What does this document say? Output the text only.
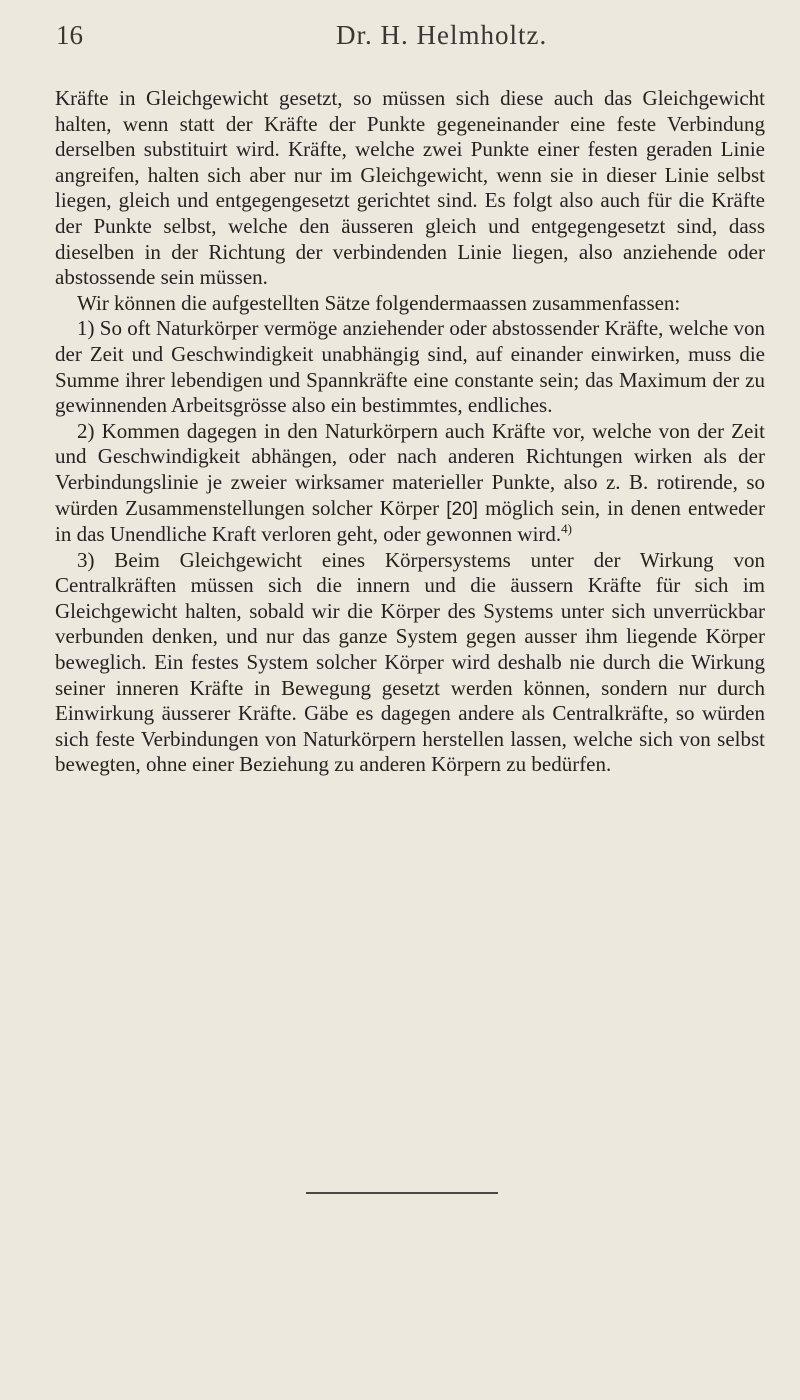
16	Dr. H. Helmholtz.

Kräfte in Gleichgewicht gesetzt, so müssen sich diese auch das Gleichgewicht halten, wenn statt der Kräfte der Punkte gegeneinander eine feste Verbindung derselben substituirt wird. Kräfte, welche zwei Punkte einer festen geraden Linie angreifen, halten sich aber nur im Gleichgewicht, wenn sie in dieser Linie selbst liegen, gleich und entgegengesetzt gerichtet sind. Es folgt also auch für die Kräfte der Punkte selbst, welche den äusseren gleich und entgegengesetzt sind, dass dieselben in der Richtung der verbindenden Linie liegen, also anziehende oder abstossende sein müssen.

Wir können die aufgestellten Sätze folgendermaassen zusammenfassen:

1) So oft Naturkörper vermöge anziehender oder abstossender Kräfte, welche von der Zeit und Geschwindigkeit unabhängig sind, auf einander einwirken, muss die Summe ihrer lebendigen und Spannkräfte eine constante sein; das Maximum der zu gewinnenden Arbeitsgrösse also ein bestimmtes, endliches.

2) Kommen dagegen in den Naturkörpern auch Kräfte vor, welche von der Zeit und Geschwindigkeit abhängen, oder nach anderen Richtungen wirken als der Verbindungslinie je zweier wirksamer materieller Punkte, also z. B. rotirende, so würden Zusammenstellungen solcher Körper [20] möglich sein, in denen entweder in das Unendliche Kraft verloren geht, oder gewonnen wird.$^{4)}$

3) Beim Gleichgewicht eines Körpersystems unter der Wirkung von Centralkräften müssen sich die innern und die äussern Kräfte für sich im Gleichgewicht halten, sobald wir die Körper des Systems unter sich unverrückbar verbunden denken, und nur das ganze System gegen ausser ihm liegende Körper beweglich. Ein festes System solcher Körper wird deshalb nie durch die Wirkung seiner inneren Kräfte in Bewegung gesetzt werden können, sondern nur durch Einwirkung äusserer Kräfte. Gäbe es dagegen andere als Centralkräfte, so würden sich feste Verbindungen von Naturkörpern herstellen lassen, welche sich von selbst bewegten, ohne einer Beziehung zu anderen Körpern zu bedürfen.
